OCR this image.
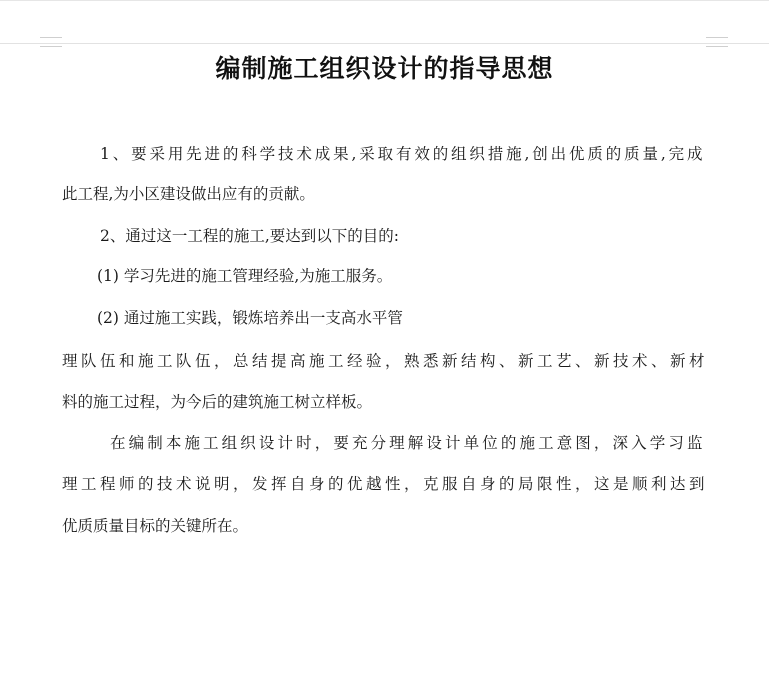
编制施工组织设计的指导思想
1、要采用先进的科学技术成果,采取有效的组织措施,创出优质的质量,完成
此工程,为小区建设做出应有的贡献。
2、通过这一工程的施工,要达到以下的目的:
(1) 学习先进的施工管理经验,为施工服务。
(2) 通过施工实践，锻炼培养出一支高水平管
理队伍和施工队伍，总结提高施工经验，熟悉新结构、新工艺、新技术、新材
料的施工过程，为今后的建筑施工树立样板。
在编制本施工组织设计时，要充分理解设计单位的施工意图，深入学习监
理工程师的技术说明，发挥自身的优越性，克服自身的局限性，这是顺利达到
优质质量目标的关键所在。
